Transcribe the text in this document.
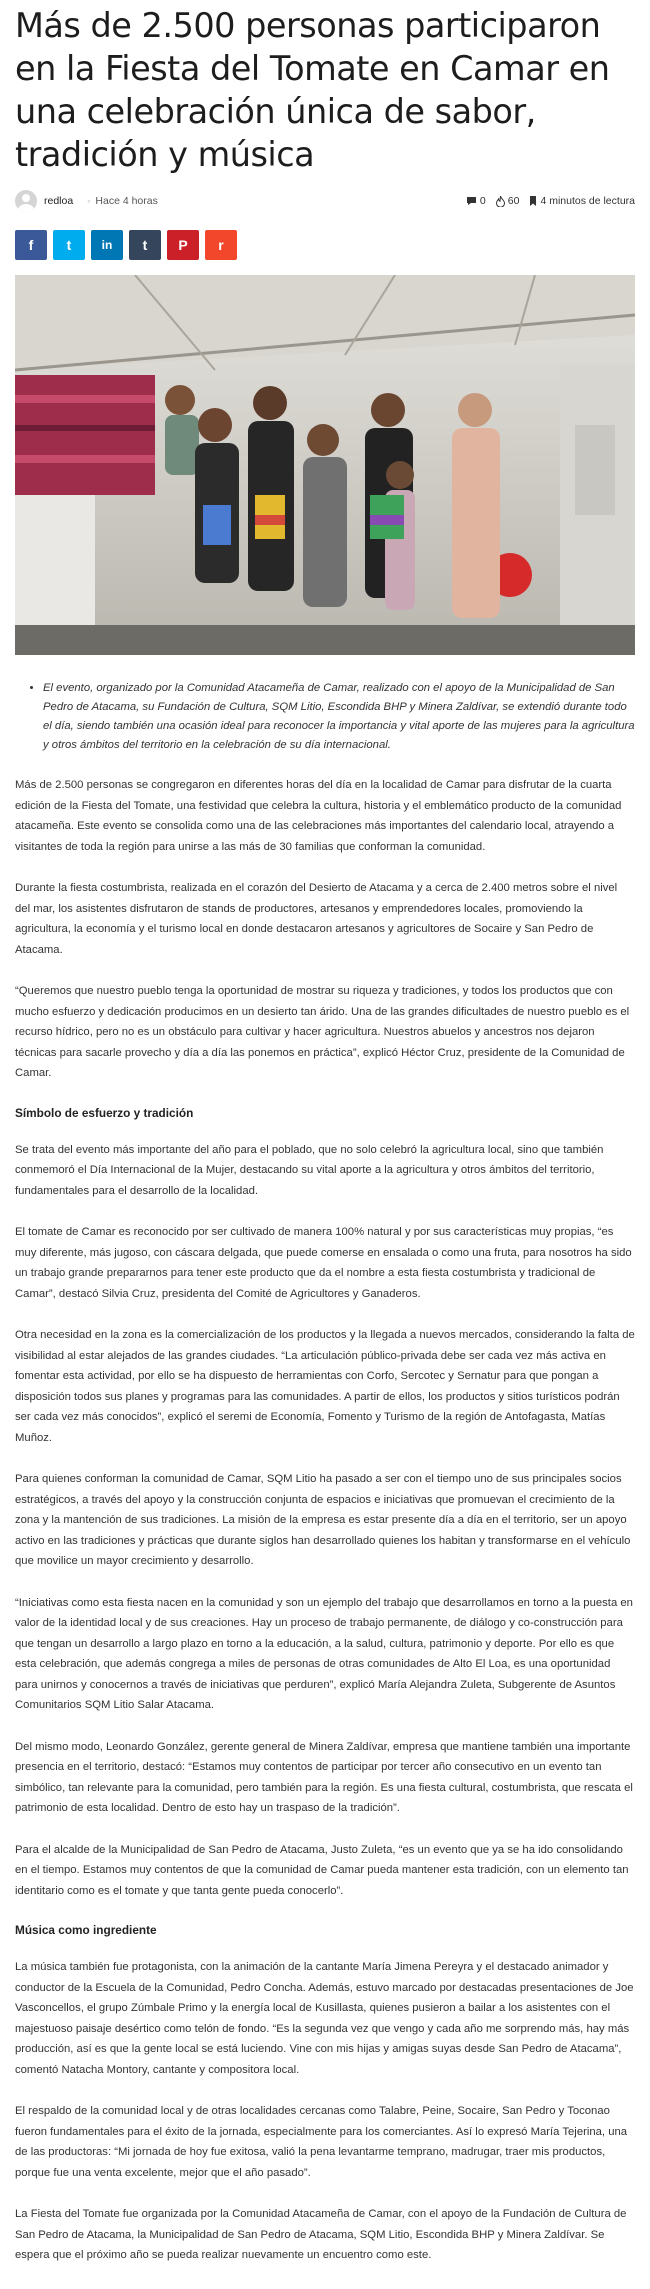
Más de 2.500 personas participaron en la Fiesta del Tomate en Camar en una celebración única de sabor, tradición y música
redloa ◦ Hace 4 horas	0 60 4 minutos de lectura
f t	in t P r
• El evento, organizado por la Comunidad Atacameña de Camar, realizado con el apoyo de la Municipalidad de San Pedro de Atacama, su Fundación de Cultura, SQM Litio, Escondida BHP y Minera Zaldívar, se extendió durante todo el día, siendo también una ocasión ideal para reconocer la importancia y vital aporte de las mujeres para la agricultura y otros ámbitos del territorio en la celebración de su día internacional.

Más de 2.500 personas se congregaron en diferentes horas del día en la localidad de Camar para disfrutar de la cuarta edición de la Fiesta del Tomate, una festividad que celebra la cultura, historia y el emblemático producto de la comunidad atacameña. Este evento se consolida como una de las celebraciones más importantes del calendario local, atrayendo a visitantes de toda la región para unirse a las más de 30 familias que conforman la comunidad.

Durante la fiesta costumbrista, realizada en el corazón del Desierto de Atacama y a cerca de 2.400 metros sobre el nivel del mar, los asistentes disfrutaron de stands de productores, artesanos y emprendedores locales, promoviendo la agricultura, la economía y el turismo local en donde destacaron artesanos y agricultores de Socaire y San Pedro de Atacama.

“Queremos que nuestro pueblo tenga la oportunidad de mostrar su riqueza y tradiciones, y todos los productos que con mucho esfuerzo y dedicación producimos en un desierto tan árido. Una de las grandes dificultades de nuestro pueblo es el recurso hídrico, pero no es un obstáculo para cultivar y hacer agricultura. Nuestros abuelos y ancestros nos dejaron técnicas para sacarle provecho y día a día las ponemos en práctica”, explicó Héctor Cruz, presidente de la Comunidad de Camar.

Símbolo de esfuerzo y tradición

Se trata del evento más importante del año para el poblado, que no solo celebró la agricultura local, sino que también conmemoró el Día Internacional de la Mujer, destacando su vital aporte a la agricultura y otros ámbitos del territorio, fundamentales para el desarrollo de la localidad.

El tomate de Camar es reconocido por ser cultivado de manera 100% natural y por sus características muy propias, “es muy diferente, más jugoso, con cáscara delgada, que puede comerse en ensalada o como una fruta, para nosotros ha sido un trabajo grande prepararnos para tener este producto que da el nombre a esta fiesta costumbrista y tradicional de Camar”, destacó Silvia Cruz, presidenta del Comité de Agricultores y Ganaderos.

Otra necesidad en la zona es la comercialización de los productos y la llegada a nuevos mercados, considerando la falta de visibilidad al estar alejados de las grandes ciudades. “La articulación público-privada debe ser cada vez más activa en fomentar esta actividad, por ello se ha dispuesto de herramientas con Corfo, Sercotec y Sernatur para que pongan a disposición todos sus planes y programas para las comunidades. A partir de ellos, los productos y sitios turísticos podrán ser cada vez más conocidos”, explicó el seremi de Economía, Fomento y Turismo de la región de Antofagasta, Matías Muñoz.

Para quienes conforman la comunidad de Camar, SQM Litio ha pasado a ser con el tiempo uno de sus principales socios estratégicos, a través del apoyo y la construcción conjunta de espacios e iniciativas que promuevan el crecimiento de la zona y la mantención de sus tradiciones. La misión de la empresa es estar presente día a día en el territorio, ser un apoyo activo en las tradiciones y prácticas que durante siglos han desarrollado quienes los habitan y transformarse en el vehículo que movilice un mayor crecimiento y desarrollo.

“Iniciativas como esta fiesta nacen en la comunidad y son un ejemplo del trabajo que desarrollamos en torno a la puesta en valor de la identidad local y de sus creaciones. Hay un proceso de trabajo permanente, de diálogo y co-construcción para que tengan un desarrollo a largo plazo en torno a la educación, a la salud, cultura, patrimonio y deporte. Por ello es que esta celebración, que además congrega a miles de personas de otras comunidades de Alto El Loa, es una oportunidad para unirnos y conocernos a través de iniciativas que perduren”, explicó María Alejandra Zuleta, Subgerente de Asuntos Comunitarios SQM Litio Salar Atacama.

Del mismo modo, Leonardo González, gerente general de Minera Zaldívar, empresa que mantiene también una importante presencia en el territorio, destacó: “Estamos muy contentos de participar por tercer año consecutivo en un evento tan simbólico, tan relevante para la comunidad, pero también para la región. Es una fiesta cultural, costumbrista, que rescata el patrimonio de esta localidad. Dentro de esto hay un traspaso de la tradición”.

Para el alcalde de la Municipalidad de San Pedro de Atacama, Justo Zuleta, “es un evento que ya se ha ido consolidando en el tiempo. Estamos muy contentos de que la comunidad de Camar pueda mantener esta tradición, con un elemento tan identitario como es el tomate y que tanta gente pueda conocerlo”.

Música como ingrediente

La música también fue protagonista, con la animación de la cantante María Jimena Pereyra y el destacado animador y conductor de la Escuela de la Comunidad, Pedro Concha. Además, estuvo marcado por destacadas presentaciones de Joe Vasconcellos, el grupo Zúmbale Primo y la energía local de Kusillasta, quienes pusieron a bailar a los asistentes con el majestuoso paisaje desértico como telón de fondo. “Es la segunda vez que vengo y cada año me sorprendo más, hay más producción, así es que la gente local se está luciendo. Vine con mis hijas y amigas suyas desde San Pedro de Atacama”, comentó Natacha Montory, cantante y compositora local.

El respaldo de la comunidad local y de otras localidades cercanas como Talabre, Peine, Socaire, San Pedro y Toconao fueron fundamentales para el éxito de la jornada, especialmente para los comerciantes. Así lo expresó María Tejerina, una de las productoras: “Mi jornada de hoy fue exitosa, valió la pena levantarme temprano, madrugar, traer mis productos, porque fue una venta excelente, mejor que el año pasado”.

La Fiesta del Tomate fue organizada por la Comunidad Atacameña de Camar, con el apoyo de la Fundación de Cultura de San Pedro de Atacama, la Municipalidad de San Pedro de Atacama, SQM Litio, Escondida BHP y Minera Zaldívar. Se espera que el próximo año se pueda realizar nuevamente un encuentro como este.
